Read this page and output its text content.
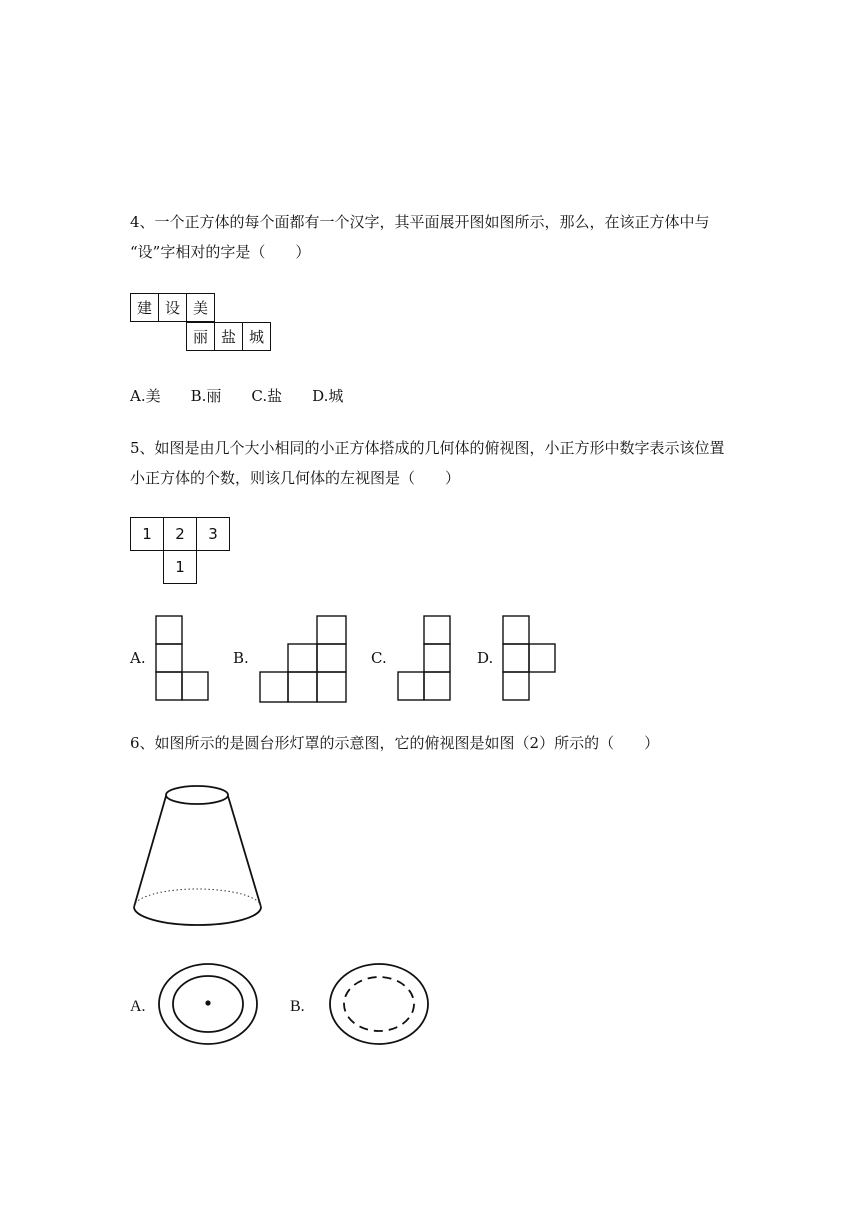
4、一个正方体的每个面都有一个汉字，其平面展开图如图所示，那么，在该正方体中与
“设”字相对的字是（　　）
建 设 美
丽 盐 城
A.美　　B.丽　　C.盐　　D.城
5、如图是由几个大小相同的小正方体搭成的几何体的俯视图，小正方形中数字表示该位置
小正方体的个数，则该几何体的左视图是（　　）
1	2	3
1
A.	B.	C.	D.
6、如图所示的是圆台形灯罩的示意图，它的俯视图是如图（2）所示的（　　）
A.	B.
